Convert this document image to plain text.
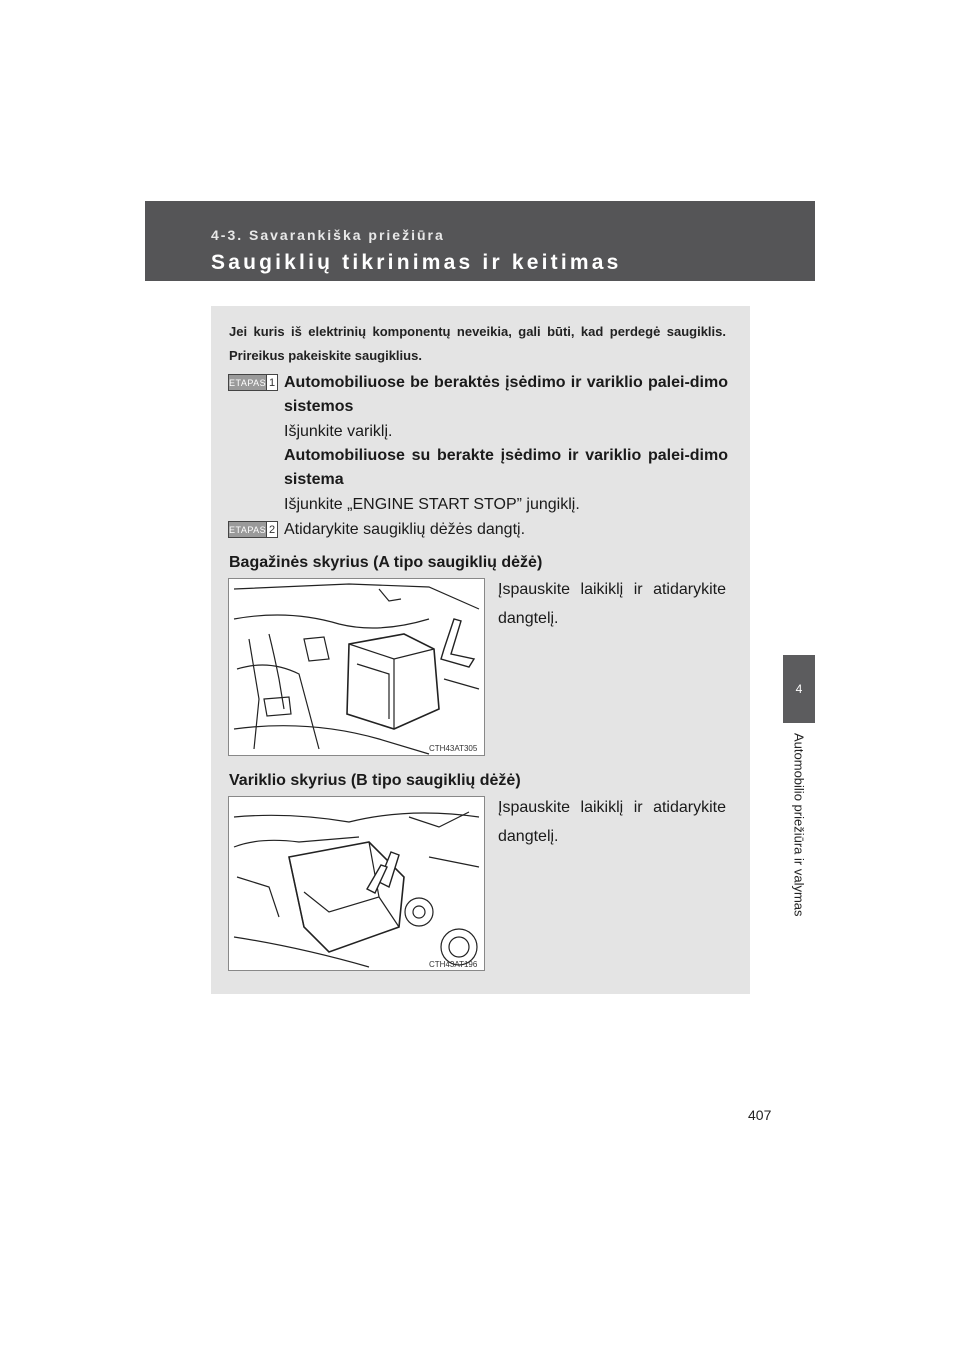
4-3. Savarankiška priežiūra
Saugiklių tikrinimas ir keitimas
4
Automobilio priežiūra ir valymas
Jei kuris iš elektrinių komponentų neveikia, gali būti, kad perdegė saugiklis. Prireikus pakeiskite saugiklius.
ETAPAS 1 Automobiliuose be beraktės įsėdimo ir variklio palei-dimo sistemos
Išjunkite variklį.
Automobiliuose su berakte įsėdimo ir variklio palei-dimo sistema
Išjunkite „ENGINE START STOP” jungiklį.
ETAPAS 2 Atidarykite saugiklių dėžės dangtį.
Bagažinės skyrius (A tipo saugiklių dėžė)
CTH43AT305
Įspauskite laikiklį ir atidarykite dangtelį.
Variklio skyrius (B tipo saugiklių dėžė)
CTH43AT196
Įspauskite laikiklį ir atidarykite dangtelį.
407
